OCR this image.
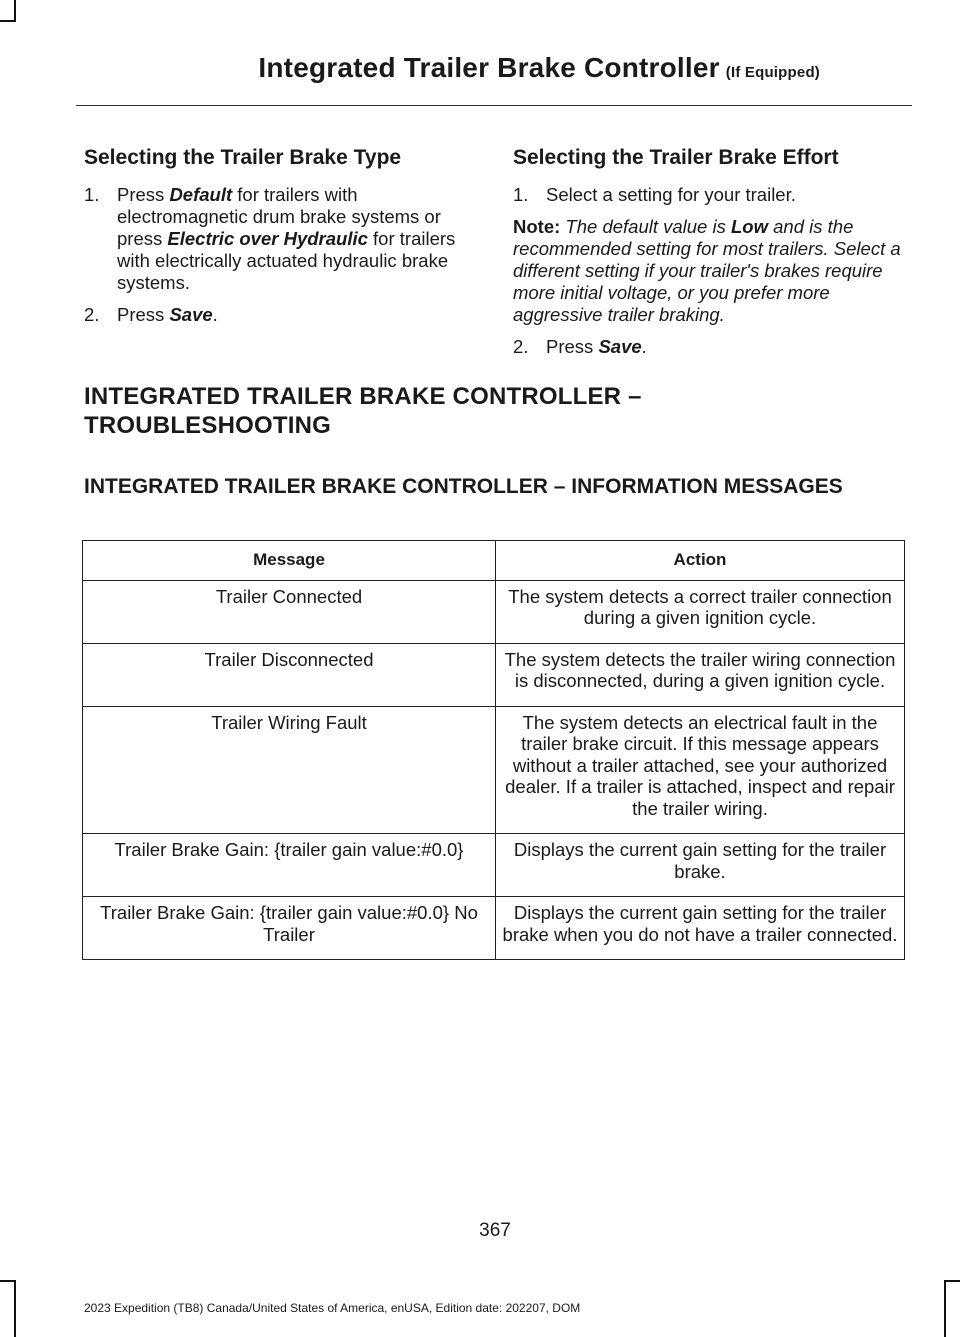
Integrated Trailer Brake Controller (If Equipped)
Selecting the Trailer Brake Type
1. Press Default for trailers with electromagnetic drum brake systems or press Electric over Hydraulic for trailers with electrically actuated hydraulic brake systems.
2. Press Save.
Selecting the Trailer Brake Effort
1. Select a setting for your trailer.
Note: The default value is Low and is the recommended setting for most trailers. Select a different setting if your trailer's brakes require more initial voltage, or you prefer more aggressive trailer braking.
2. Press Save.
INTEGRATED TRAILER BRAKE CONTROLLER –
TROUBLESHOOTING
INTEGRATED TRAILER BRAKE CONTROLLER – INFORMATION MESSAGES
Message	Action
Trailer Connected	The system detects a correct trailer connection during a given ignition cycle.
Trailer Disconnected	The system detects the trailer wiring connection is disconnected, during a given ignition cycle.
Trailer Wiring Fault	The system detects an electrical fault in the trailer brake circuit. If this message appears without a trailer attached, see your authorized dealer. If a trailer is attached, inspect and repair the trailer wiring.
Trailer Brake Gain: {trailer gain value:#0.0}	Displays the current gain setting for the trailer brake.
Trailer Brake Gain: {trailer gain value:#0.0} No Trailer	Displays the current gain setting for the trailer brake when you do not have a trailer connected.
367
2023 Expedition (TB8) Canada/United States of America, enUSA, Edition date: 202207, DOM
